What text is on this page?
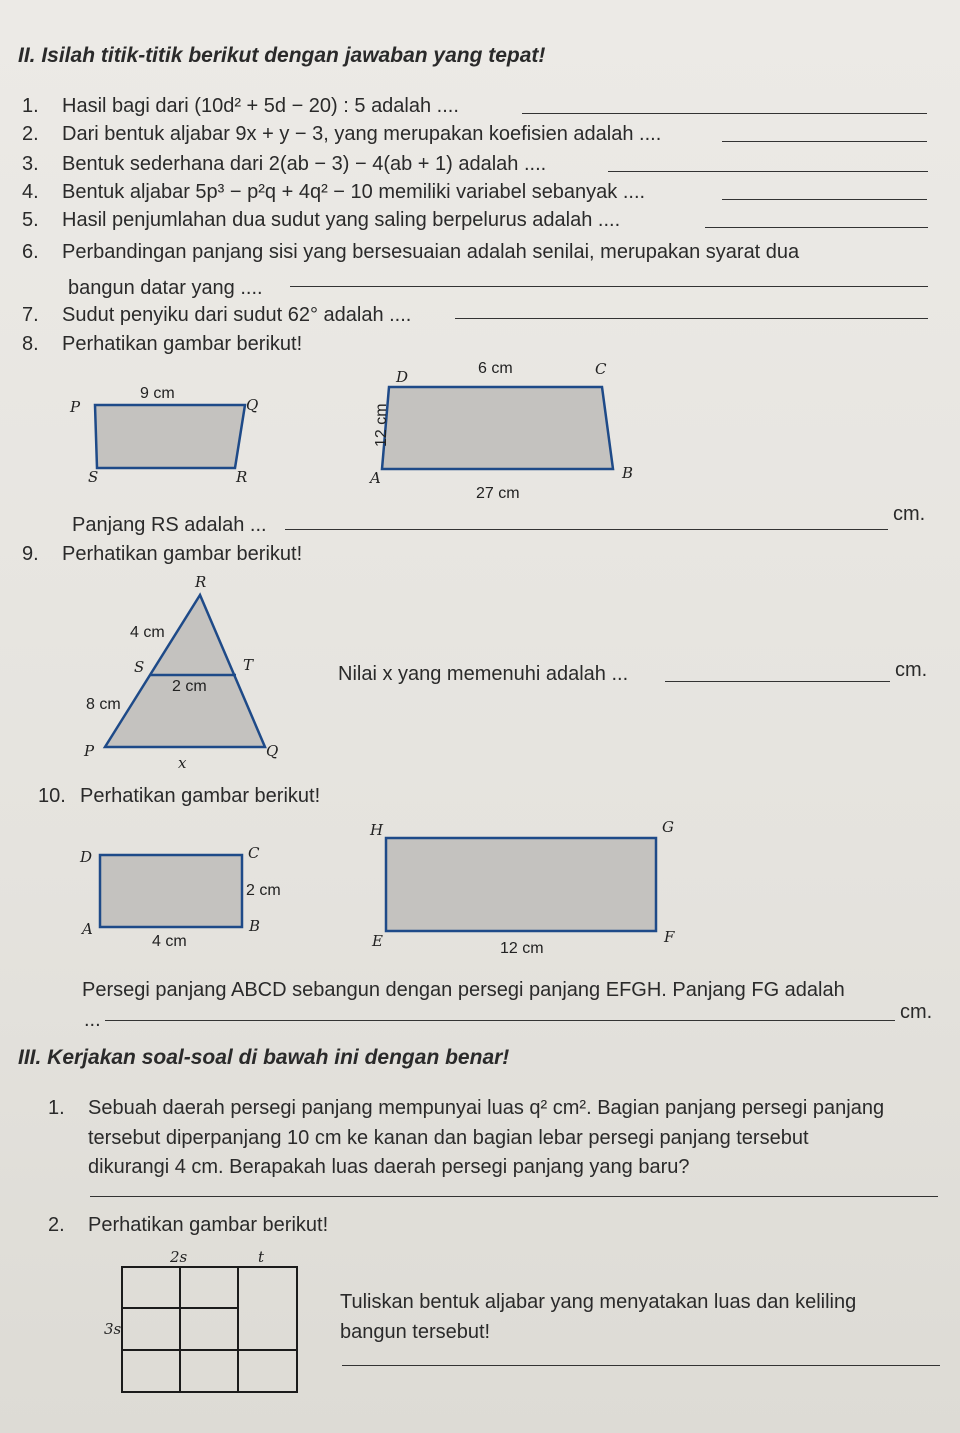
II. Isilah titik-titik berikut dengan jawaban yang tepat!
1. Hasil bagi dari (10d² + 5d − 20) : 5 adalah ....
2. Dari bentuk aljabar 9x + y − 3, yang merupakan koefisien adalah ....
3. Bentuk sederhana dari 2(ab − 3) − 4(ab + 1) adalah ....
4. Bentuk aljabar 5p³ − p²q + 4q² − 10 memiliki variabel sebanyak ....
5. Hasil penjumlahan dua sudut yang saling berpelurus adalah ....
6. Perbandingan panjang sisi yang bersesuaian adalah senilai, merupakan syarat dua
bangun datar yang ....
7. Sudut penyiku dari sudut 62° adalah ....
8. Perhatikan gambar berikut!
P	Q
R
S
9 cm
D	C
A	B
6 cm
27 cm
12 cm
Panjang RS adalah ...	cm.
9. Perhatikan gambar berikut!
R
S	T
P	Q
4 cm
2 cm
8 cm
x
Nilai x yang memenuhi adalah ...	cm.
10. Perhatikan gambar berikut!
D	C
A	B
2 cm
4 cm
H	G
E	F
12 cm
Persegi panjang ABCD sebangun dengan persegi panjang EFGH. Panjang FG adalah
...	cm.
III. Kerjakan soal-soal di bawah ini dengan benar!
1. Sebuah daerah persegi panjang mempunyai luas q² cm². Bagian panjang persegi panjang
tersebut diperpanjang 10 cm ke kanan dan bagian lebar persegi panjang tersebut
dikurangi 4 cm. Berapakah luas daerah persegi panjang yang baru?
2. Perhatikan gambar berikut!
2s	t
3s
Tuliskan bentuk aljabar yang menyatakan luas dan keliling
bangun tersebut!
